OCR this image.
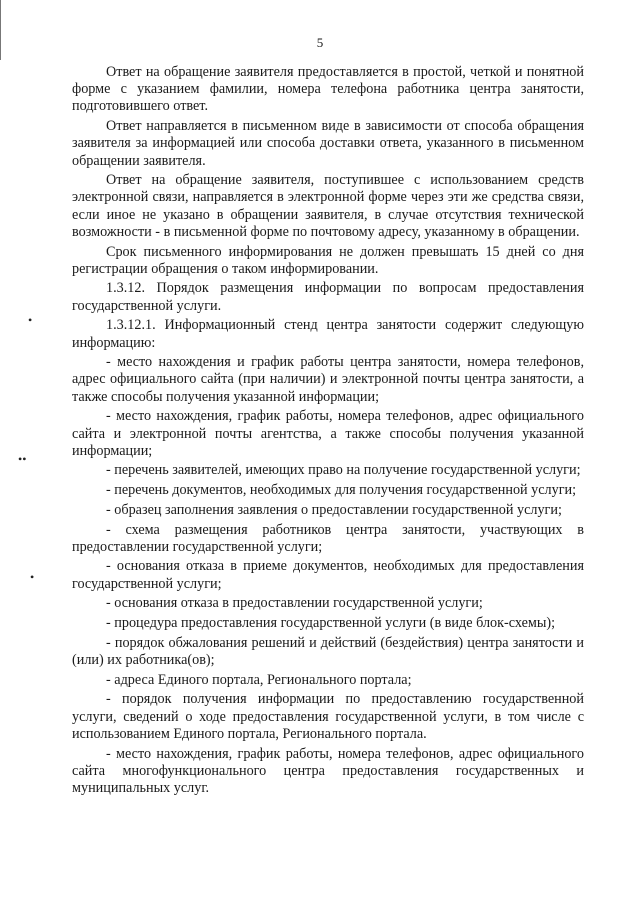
5
•
••
•

Ответ на обращение заявителя предоставляется в простой, четкой и понятной форме с указанием фамилии, номера телефона работника центра занятости, подготовившего ответ.

Ответ направляется в письменном виде в зависимости от способа обращения заявителя за информацией или способа доставки ответа, указанного в письменном обращении заявителя.

Ответ на обращение заявителя, поступившее с использованием средств электронной связи, направляется в электронной форме через эти же средства связи, если иное не указано в обращении заявителя, в случае отсутствия технической возможности - в письменной форме по почтовому адресу, указанному в обращении.

Срок письменного информирования не должен превышать 15 дней со дня регистрации обращения о таком информировании.

1.3.12. Порядок размещения информации по вопросам предоставления государственной услуги.

1.3.12.1. Информационный стенд центра занятости содержит следующую информацию:

- место нахождения и график работы центра занятости, номера телефонов, адрес официального сайта (при наличии) и электронной почты центра занятости, а также способы получения указанной информации;

- место нахождения, график работы, номера телефонов, адрес официального сайта и электронной почты агентства, а также способы получения указанной информации;

- перечень заявителей, имеющих право на получение государственной услуги;

- перечень документов, необходимых для получения государственной услуги;

- образец заполнения заявления о предоставлении государственной услуги;

- схема размещения работников центра занятости, участвующих в предоставлении государственной услуги;

- основания отказа в приеме документов, необходимых для предоставления государственной услуги;

- основания отказа в предоставлении государственной услуги;

- процедура предоставления государственной услуги (в виде блок-схемы);

- порядок обжалования решений и действий (бездействия) центра занятости и (или) их работника(ов);

- адреса Единого портала, Регионального портала;

- порядок получения информации по предоставлению государственной услуги, сведений о ходе предоставления государственной услуги, в том числе с использованием Единого портала, Регионального портала.

- место нахождения, график работы, номера телефонов, адрес официального сайта многофункционального центра предоставления государственных и муниципальных услуг.
